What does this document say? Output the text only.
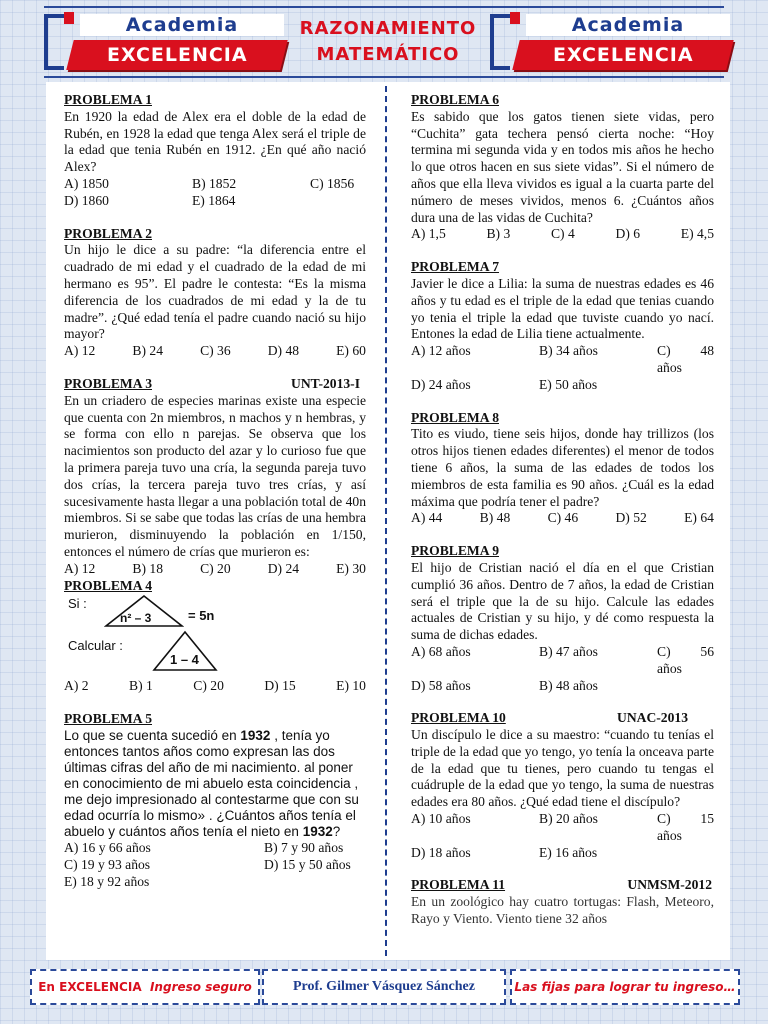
Academia
EXCELENCIA
RAZONAMIENTO
MATEMÁTICO
Academia
EXCELENCIA
PROBLEMA 1
En 1920 la edad de Alex era el doble de la edad de Rubén, en 1928 la edad que tenga Alex será el triple de la edad que tenia Rubén en 1912. ¿En qué año nació Alex?
A) 1850	B) 1852	C) 1856
D) 1860	E) 1864
PROBLEMA 2
Un hijo le dice a su padre: “la diferencia entre el cuadrado de mi edad y el cuadrado de la edad de mi hermano es 95”. El padre le contesta: “Es la misma diferencia de los cuadrados de mi edad y la de tu madre”. ¿Qué edad tenía el padre cuando nació su hijo mayor?
A) 12	B) 24	C) 36	D) 48	E) 60
PROBLEMA 3	UNT-2013-I
En un criadero de especies marinas existe una especie que cuenta con 2n miembros, n machos y n hembras, y se forma con ello n parejas. Se observa que los nacimientos son producto del azar y lo curioso fue que la primera pareja tuvo una cría, la segunda pareja tuvo dos crías, la tercera pareja tuvo tres crías, y así sucesivamente hasta llegar a una población total de 40n miembros. Si se sabe que todas las crías de una hembra murieron, disminuyendo la población en 1/150, entonces el número de crías que murieron es:
A) 12	B) 18	C) 20	D) 24	E) 30
PROBLEMA 4
Si :
n² – 3	= 5n
Calcular :
1 – 4
A) 2	B) 1	C) 20	D) 15	E) 10
PROBLEMA 5
Lo que se cuenta sucedió en 1932 , tenía yo entonces tantos años como expresan las dos últimas cifras del año de mi nacimiento. al poner en conocimiento de mi abuelo esta coincidencia , me dejo impresionado al contestarme que con su edad ocurría lo mismo» . ¿Cuántos años tenía el abuelo y cuántos años tenía el nieto en 1932?
A) 16 y 66 años	B) 7 y 90 años
C) 19 y 93 años	D) 15 y 50 años
E) 18 y 92 años
PROBLEMA 6
Es sabido que los gatos tienen siete vidas, pero “Cuchita” gata techera pensó cierta noche: “Hoy termina mi segunda vida y en todos mis años he hecho lo que otros hacen en sus siete vidas”. Si el número de años que ella lleva vividos es igual a la cuarta parte del número de meses vividos, menos 6. ¿Cuántos años dura una de las vidas de Cuchita?
A) 1,5	B) 3	C) 4	D) 6	E) 4,5
PROBLEMA 7
Javier le dice a Lilia: la suma de nuestras edades es 46 años y tu edad es el triple de la edad que tenias cuando yo tenia el triple la edad que tuviste cuando yo nací. Entones la edad de Lilia tiene actualmente.
A) 12 años	B) 34 años	C) 48 años
D) 24 años	E) 50 años
PROBLEMA 8
Tito es viudo, tiene seis hijos, donde hay trillizos (los otros hijos tienen edades diferentes) el menor de todos tiene 6 años, la suma de las edades de todos los miembros de esta familia es 90 años. ¿Cuál es la edad máxima que podría tener el padre?
A) 44	B) 48	C) 46	D) 52	E) 64
PROBLEMA 9
El hijo de Cristian nació el día en el que Cristian cumplió 36 años. Dentro de 7 años, la edad de Cristian será el triple que la de su hijo. Calcule las edades actuales de Cristian y su hijo, y dé como respuesta la suma de dichas edades.
A) 68 años	B) 47 años	C) 56 años
D) 58 años	B) 48 años
PROBLEMA 10	UNAC-2013
Un discípulo le dice a su maestro: “cuando tu tenías el triple de la edad que yo tengo, yo tenía la onceava parte de la edad que tu tienes, pero cuando tu tengas el cuádruple de la edad que yo tengo, la suma de nuestras edades era 80 años. ¿Qué edad tiene el discípulo?
A) 10 años	B) 20 años	C) 15 años
D) 18 años	E) 16 años
PROBLEMA 11	UNMSM-2012
En un zoológico hay cuatro tortugas: Flash, Meteoro, Rayo y Viento. Viento tiene 32 años
En EXCELENCIA
Ingreso seguro	Prof. Gilmer Vásquez Sánchez	Las fijas para lograr tu ingreso…
